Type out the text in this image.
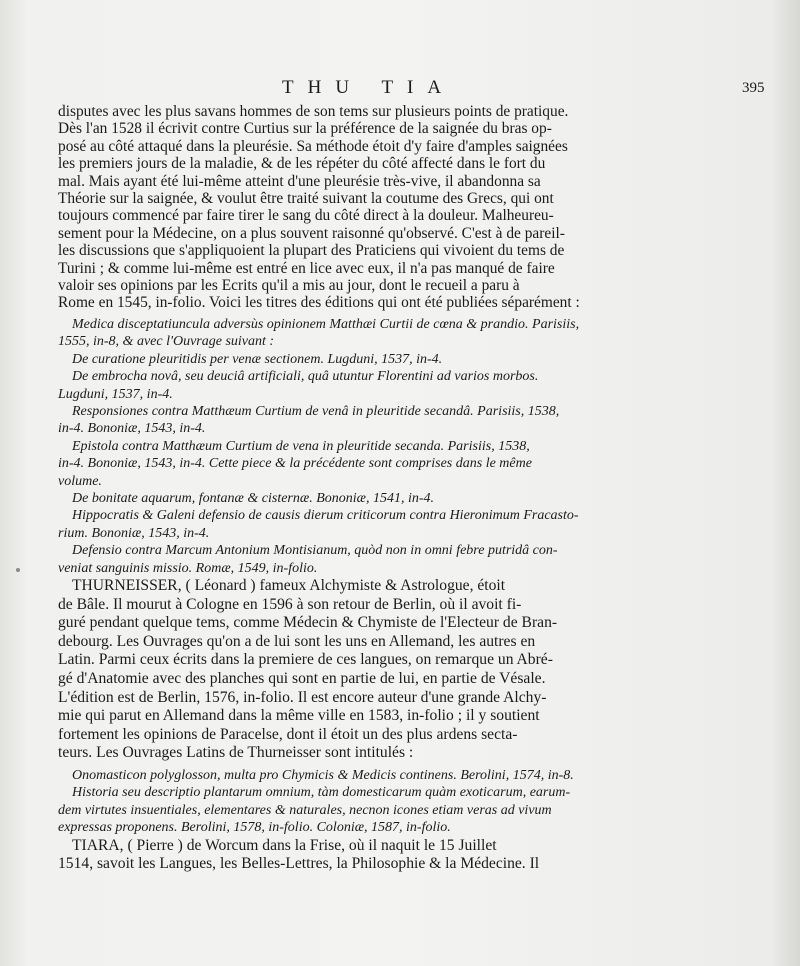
THU TIA	395

disputes avec les plus savans hommes de son tems sur plusieurs points de pratique.
Dès l'an 1528 il écrivit contre Curtius sur la préférence de la saignée du bras op-
posé au côté attaqué dans la pleurésie. Sa méthode étoit d'y faire d'amples saignées
les premiers jours de la maladie, & de les répéter du côté affecté dans le fort du
mal. Mais ayant été lui-même atteint d'une pleurésie très-vive, il abandonna sa
Théorie sur la saignée, & voulut être traité suivant la coutume des Grecs, qui ont
toujours commencé par faire tirer le sang du côté direct à la douleur. Malheureu-
sement pour la Médecine, on a plus souvent raisonné qu'observé. C'est à de pareil-
les discussions que s'appliquoient la plupart des Praticiens qui vivoient du tems de
Turini ; & comme lui-même est entré en lice avec eux, il n'a pas manqué de faire
valoir ses opinions par les Ecrits qu'il a mis au jour, dont le recueil a paru à
Rome en 1545, in-folio. Voici les titres des éditions qui ont été publiées séparément :

Medica disceptatiuncula adversùs opinionem Matthæi Curtii de cœna & prandio. Parisiis,
1555, in-8, & avec l'Ouvrage suivant :
De curatione pleuritidis per venæ sectionem. Lugduni, 1537, in-4.
De embrocha novâ, seu deuciâ artificiali, quâ utuntur Florentini ad varios morbos.
Lugduni, 1537, in-4.
Responsiones contra Matthæum Curtium de venâ in pleuritide secandâ. Parisiis, 1538,
in-4. Bononiæ, 1543, in-4.
Epistola contra Matthæum Curtium de vena in pleuritide secanda. Parisiis, 1538,
in-4. Bononiæ, 1543, in-4. Cette piece & la précédente sont comprises dans le même
volume.
De bonitate aquarum, fontanæ & cisternæ. Bononiæ, 1541, in-4.
Hippocratis & Galeni defensio de causis dierum criticorum contra Hieronimum Fracasto-
rium. Bononiæ, 1543, in-4.
Defensio contra Marcum Antonium Montisianum, quòd non in omni febre putridâ con-
veniat sanguinis missio. Romæ, 1549, in-folio.

THURNEISSER, ( Léonard ) fameux Alchymiste & Astrologue, étoit
de Bâle. Il mourut à Cologne en 1596 à son retour de Berlin, où il avoit fi-
guré pendant quelque tems, comme Médecin & Chymiste de l'Electeur de Bran-
debourg. Les Ouvrages qu'on a de lui sont les uns en Allemand, les autres en
Latin. Parmi ceux écrits dans la premiere de ces langues, on remarque un Abré-
gé d'Anatomie avec des planches qui sont en partie de lui, en partie de Vésale.
L'édition est de Berlin, 1576, in-folio. Il est encore auteur d'une grande Alchy-
mie qui parut en Allemand dans la même ville en 1583, in-folio ; il y soutient
fortement les opinions de Paracelse, dont il étoit un des plus ardens secta-
teurs. Les Ouvrages Latins de Thurneisser sont intitulés :

Onomasticon polyglosson, multa pro Chymicis & Medicis continens. Berolini, 1574, in-8.
Historia seu descriptio plantarum omnium, tàm domesticarum quàm exoticarum, earum-
dem virtutes insuentiales, elementares & naturales, necnon icones etiam veras ad vivum
expressas proponens. Berolini, 1578, in-folio. Coloniæ, 1587, in-folio.

TIARA, ( Pierre ) de Worcum dans la Frise, où il naquit le 15 Juillet
1514, savoit les Langues, les Belles-Lettres, la Philosophie & la Médecine. Il
